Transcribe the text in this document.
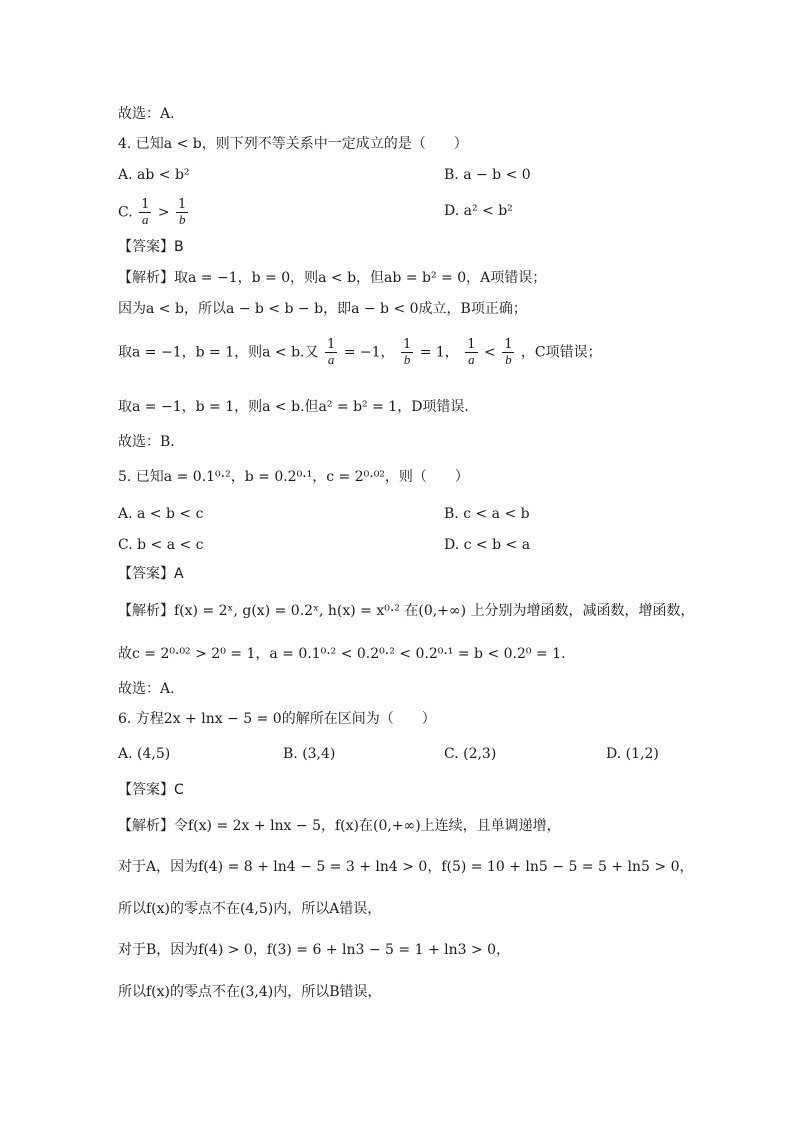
故选：A.
4. 已知a < b，则下列不等关系中一定成立的是（　　）
A. ab < b²	B. a − b < 0
C. $\frac{1}{a} > \frac{1}{b}$	D. a² < b²
【答案】B
【解析】取a = −1，b = 0，则a < b，但ab = b² = 0，A项错误；
因为a < b，所以a − b < b − b，即a − b < 0成立，B项正确；
取a = −1，b = 1，则a < b.又 $\frac{1}{a} = -1$， $\frac{1}{b} = 1$， $\frac{1}{a} < \frac{1}{b}$ ，C项错误；
取a = −1，b = 1，则a < b.但a² = b² = 1，D项错误.
故选：B.
5. 已知a = 0.1⁰·²，b = 0.2⁰·¹，c = 2⁰·⁰²，则（　　）
A. a < b < c	B. c < a < b
C. b < a < c	D. c < b < a
【答案】A
【解析】f(x) = 2ˣ, g(x) = 0.2ˣ, h(x) = x⁰·² 在(0,+∞) 上分别为增函数，减函数，增函数，
故c = 2⁰·⁰² > 2⁰ = 1，a = 0.1⁰·² < 0.2⁰·² < 0.2⁰·¹ = b < 0.2⁰ = 1.
故选：A.
6. 方程2x + lnx − 5 = 0的解所在区间为（　　）
A. (4,5)	B. (3,4)	C. (2,3)	D. (1,2)
【答案】C
【解析】令f(x) = 2x + lnx − 5，f(x)在(0,+∞)上连续，且单调递增，
对于A，因为f(4) = 8 + ln4 − 5 = 3 + ln4 > 0，f(5) = 10 + ln5 − 5 = 5 + ln5 > 0，
所以f(x)的零点不在(4,5)内，所以A错误，
对于B，因为f(4) > 0，f(3) = 6 + ln3 − 5 = 1 + ln3 > 0，
所以f(x)的零点不在(3,4)内，所以B错误，
